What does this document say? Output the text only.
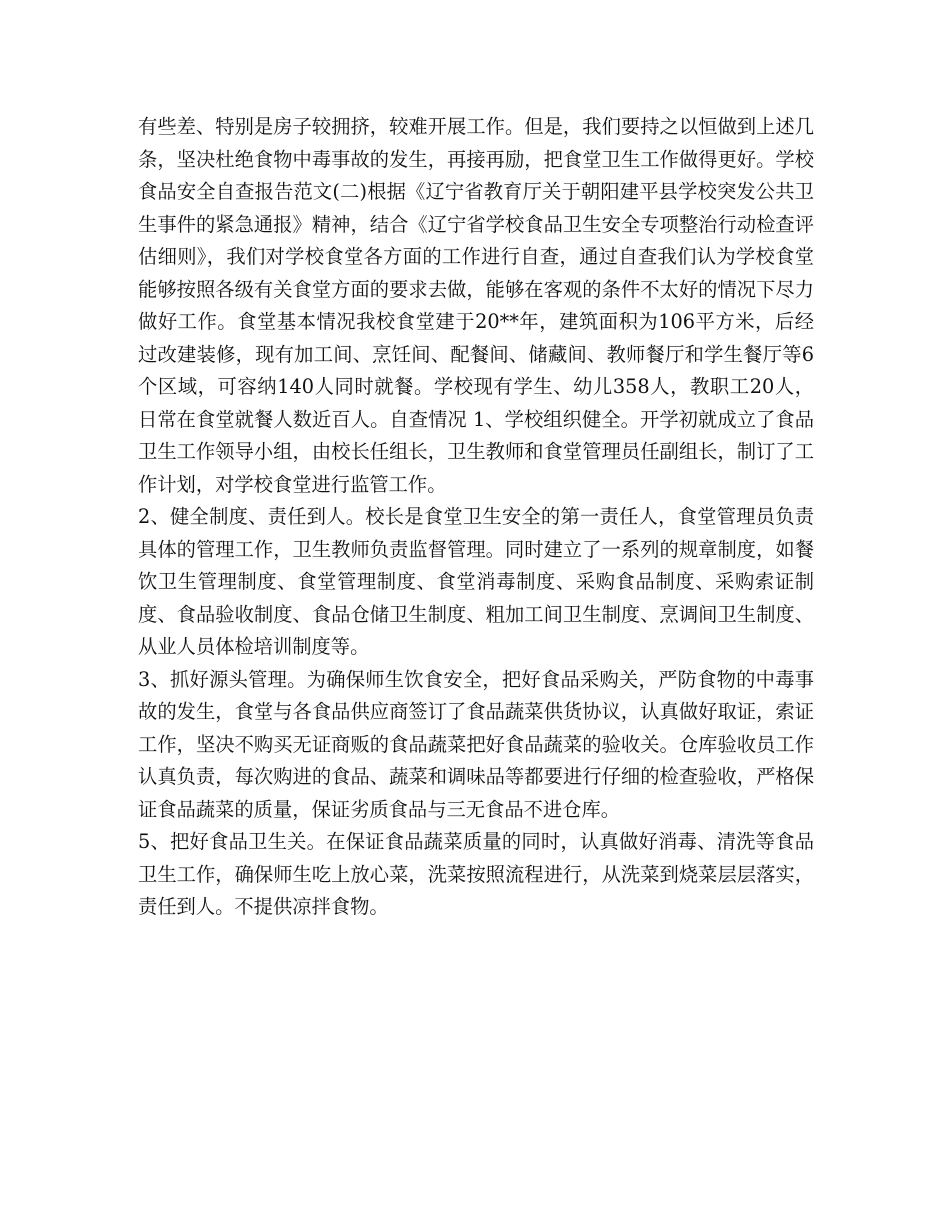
有些差、特别是房子较拥挤，较难开展工作。但是，我们要持之以恒做到上述几条，坚决杜绝食物中毒事故的发生，再接再励，把食堂卫生工作做得更好。学校食品安全自查报告范文(二)根据《辽宁省教育厅关于朝阳建平县学校突发公共卫生事件的紧急通报》精神，结合《辽宁省学校食品卫生安全专项整治行动检查评估细则》，我们对学校食堂各方面的工作进行自查，通过自查我们认为学校食堂能够按照各级有关食堂方面的要求去做，能够在客观的条件不太好的情况下尽力做好工作。食堂基本情况我校食堂建于20**年，建筑面积为106平方米，后经过改建装修，现有加工间、烹饪间、配餐间、储藏间、教师餐厅和学生餐厅等6个区域，可容纳140人同时就餐。学校现有学生、幼儿358人，教职工20人，日常在食堂就餐人数近百人。自查情况 1、学校组织健全。开学初就成立了食品卫生工作领导小组，由校长任组长，卫生教师和食堂管理员任副组长，制订了工作计划，对学校食堂进行监管工作。

2、健全制度、责任到人。校长是食堂卫生安全的第一责任人，食堂管理员负责具体的管理工作，卫生教师负责监督管理。同时建立了一系列的规章制度，如餐饮卫生管理制度、食堂管理制度、食堂消毒制度、采购食品制度、采购索证制度、食品验收制度、食品仓储卫生制度、粗加工间卫生制度、烹调间卫生制度、从业人员体检培训制度等。

3、抓好源头管理。为确保师生饮食安全，把好食品采购关，严防食物的中毒事故的发生，食堂与各食品供应商签订了食品蔬菜供货协议，认真做好取证，索证工作，坚决不购买无证商贩的食品蔬菜把好食品蔬菜的验收关。仓库验收员工作认真负责，每次购进的食品、蔬菜和调味品等都要进行仔细的检查验收，严格保证食品蔬菜的质量，保证劣质食品与三无食品不进仓库。

5、把好食品卫生关。在保证食品蔬菜质量的同时，认真做好消毒、清洗等食品卫生工作，确保师生吃上放心菜，洗菜按照流程进行，从洗菜到烧菜层层落实，责任到人。不提供凉拌食物。
